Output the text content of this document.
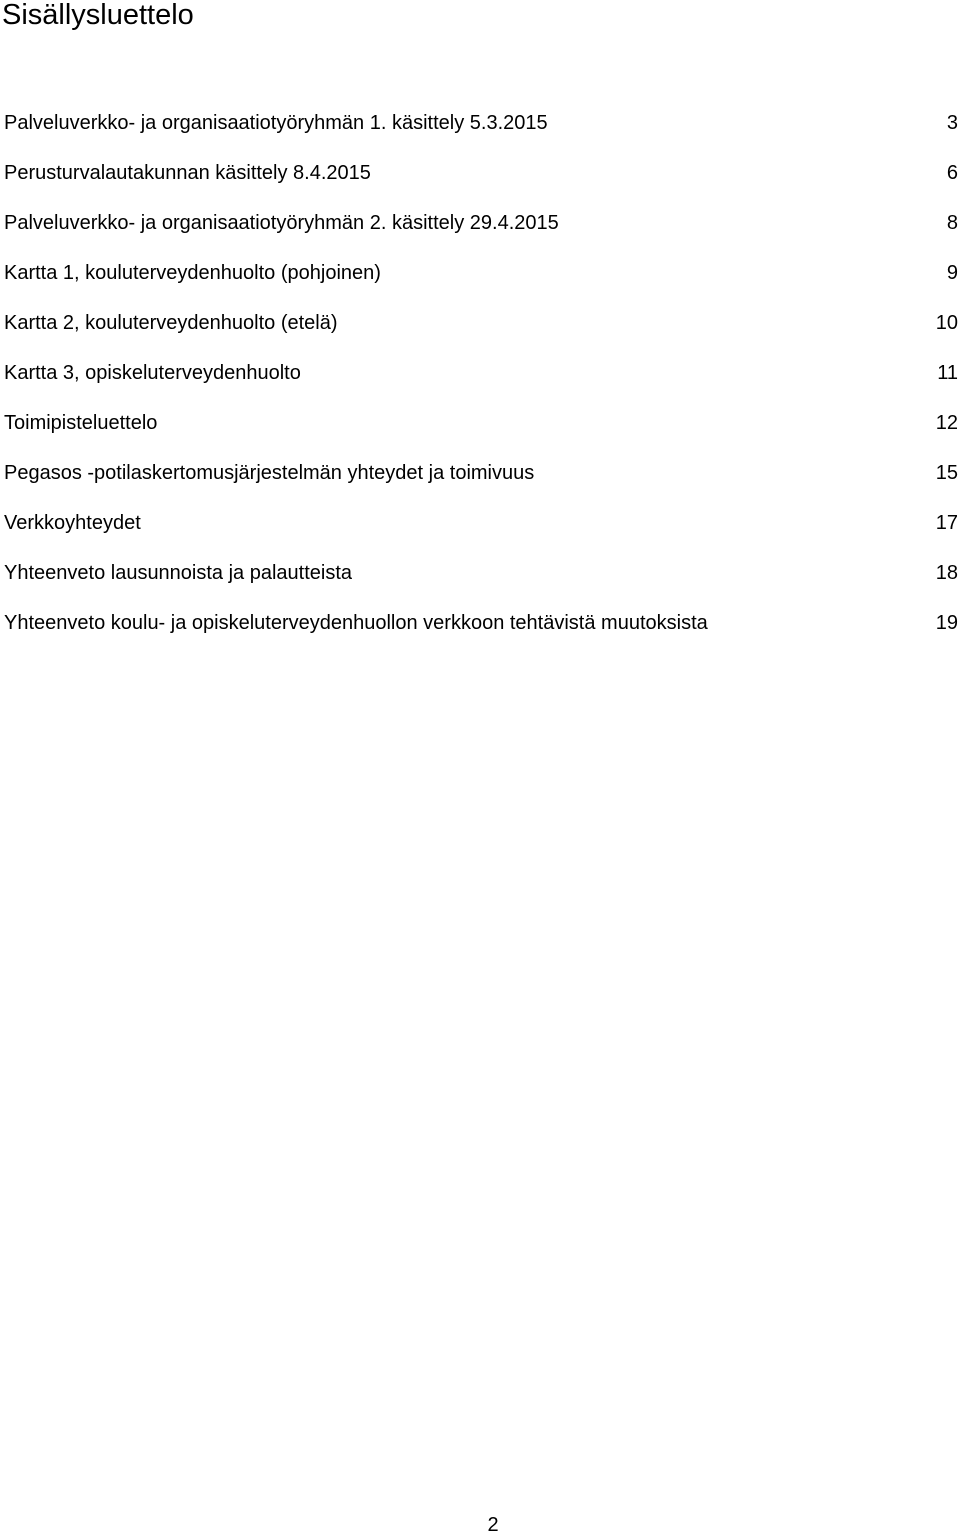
Sisällysluettelo
Palveluverkko- ja organisaatiotyöryhmän 1. käsittely 5.3.2015	3
Perusturvalautakunnan käsittely 8.4.2015	6
Palveluverkko- ja organisaatiotyöryhmän 2. käsittely 29.4.2015	8
Kartta 1, kouluterveydenhuolto (pohjoinen)	9
Kartta 2, kouluterveydenhuolto (etelä)	10
Kartta 3, opiskeluterveydenhuolto	11
Toimipisteluettelo	12
Pegasos -potilaskertomusjärjestelmän yhteydet ja toimivuus	15
Verkkoyhteydet	17
Yhteenveto lausunnoista ja palautteista	18
Yhteenveto koulu- ja opiskeluterveydenhuollon verkkoon tehtävistä muutoksista	19
2
